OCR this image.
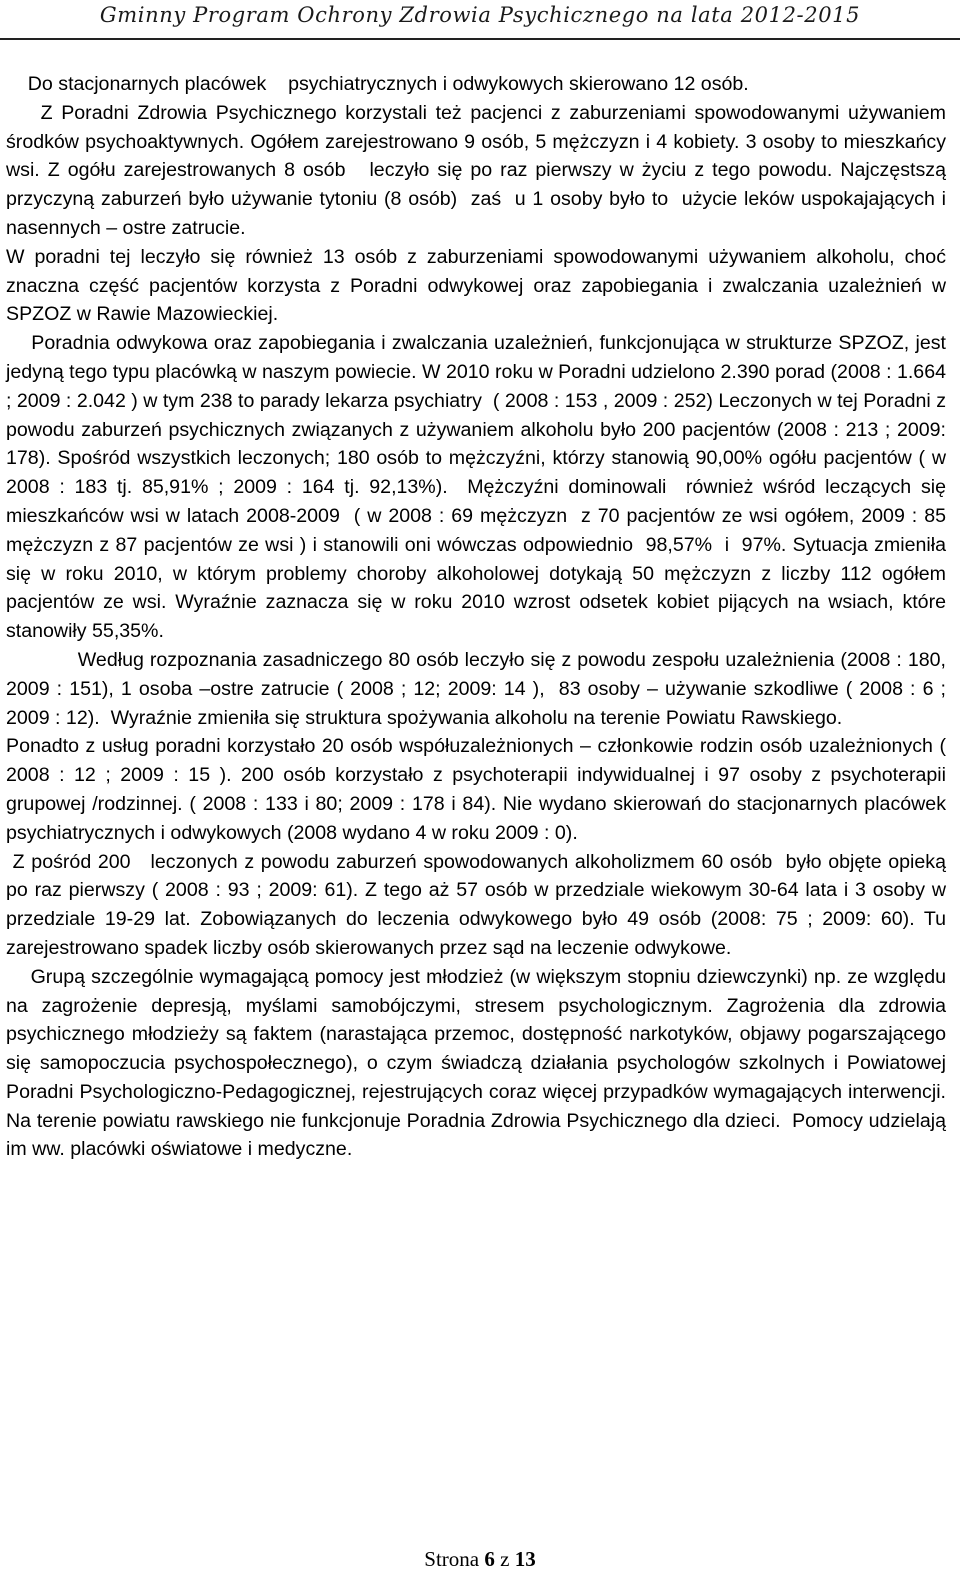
Gminny Program Ochrony Zdrowia Psychicznego na lata 2012-2015

Do stacjonarnych placówek    psychiatrycznych i odwykowych skierowano 12 osób.

Z Poradni Zdrowia Psychicznego korzystali też pacjenci z zaburzeniami spowodowanymi używaniem środków psychoaktywnych. Ogółem zarejestrowano 9 osób, 5 mężczyzn i 4 kobiety. 3 osoby to mieszkańcy wsi. Z ogółu zarejestrowanych 8 osób   leczyło się po raz pierwszy w życiu z tego powodu. Najczęstszą przyczyną zaburzeń było używanie tytoniu (8 osób)  zaś  u 1 osoby było to  użycie leków uspokajających i nasennych – ostre zatrucie.

W poradni tej leczyło się również 13 osób z zaburzeniami spowodowanymi używaniem alkoholu, choć znaczna część pacjentów korzysta z Poradni odwykowej oraz zapobiegania i zwalczania uzależnień w SPZOZ w Rawie Mazowieckiej.

Poradnia odwykowa oraz zapobiegania i zwalczania uzależnień, funkcjonująca w strukturze SPZOZ, jest jedyną tego typu placówką w naszym powiecie. W 2010 roku w Poradni udzielono 2.390 porad (2008 : 1.664 ; 2009 : 2.042 ) w tym 238 to parady lekarza psychiatry  ( 2008 : 153 , 2009 : 252) Leczonych w tej Poradni z powodu zaburzeń psychicznych związanych z używaniem alkoholu było 200 pacjentów (2008 : 213 ; 2009: 178). Spośród wszystkich leczonych; 180 osób to mężczyźni, którzy stanowią 90,00% ogółu pacjentów ( w 2008 : 183 tj. 85,91% ; 2009 : 164 tj. 92,13%).  Mężczyźni dominowali  również wśród leczących się mieszkańców wsi w latach 2008-2009  ( w 2008 : 69 mężczyzn  z 70 pacjentów ze wsi ogółem, 2009 : 85 mężczyzn z 87 pacjentów ze wsi ) i stanowili oni wówczas odpowiednio  98,57%  i  97%. Sytuacja zmieniła się w roku 2010, w którym problemy choroby alkoholowej dotykają 50 mężczyzn z liczby 112 ogółem pacjentów ze wsi. Wyraźnie zaznacza się w roku 2010 wzrost odsetek kobiet pijących na wsiach, które stanowiły 55,35%.

Według rozpoznania zasadniczego 80 osób leczyło się z powodu zespołu uzależnienia (2008 : 180, 2009 : 151), 1 osoba –ostre zatrucie ( 2008 ; 12; 2009: 14 ),  83 osoby – używanie szkodliwe ( 2008 : 6 ; 2009 : 12).  Wyraźnie zmieniła się struktura spożywania alkoholu na terenie Powiatu Rawskiego.

Ponadto z usług poradni korzystało 20 osób współuzależnionych – członkowie rodzin osób uzależnionych ( 2008 : 12 ; 2009 : 15 ). 200 osób korzystało z psychoterapii indywidualnej i 97 osoby z psychoterapii grupowej /rodzinnej. ( 2008 : 133 i 80; 2009 : 178 i 84). Nie wydano skierowań do stacjonarnych placówek psychiatrycznych i odwykowych (2008 wydano 4 w roku 2009 : 0).

Z pośród 200   leczonych z powodu zaburzeń spowodowanych alkoholizmem 60 osób  było objęte opieką po raz pierwszy ( 2008 : 93 ; 2009: 61). Z tego aż 57 osób w przedziale wiekowym 30-64 lata i 3 osoby w przedziale 19-29 lat. Zobowiązanych do leczenia odwykowego było 49 osób (2008: 75 ; 2009: 60). Tu zarejestrowano spadek liczby osób skierowanych przez sąd na leczenie odwykowe.

Grupą szczególnie wymagającą pomocy jest młodzież (w większym stopniu dziewczynki) np. ze względu na zagrożenie depresją, myślami samobójczymi, stresem psychologicznym. Zagrożenia dla zdrowia psychicznego młodzieży są faktem (narastająca przemoc, dostępność narkotyków, objawy pogarszającego się samopoczucia psychospołecznego), o czym świadczą działania psychologów szkolnych i Powiatowej Poradni Psychologiczno-Pedagogicznej, rejestrujących coraz więcej przypadków wymagających interwencji. Na terenie powiatu rawskiego nie funkcjonuje Poradnia Zdrowia Psychicznego dla dzieci.  Pomocy udzielają im ww. placówki oświatowe i medyczne.

Strona 6 z 13
